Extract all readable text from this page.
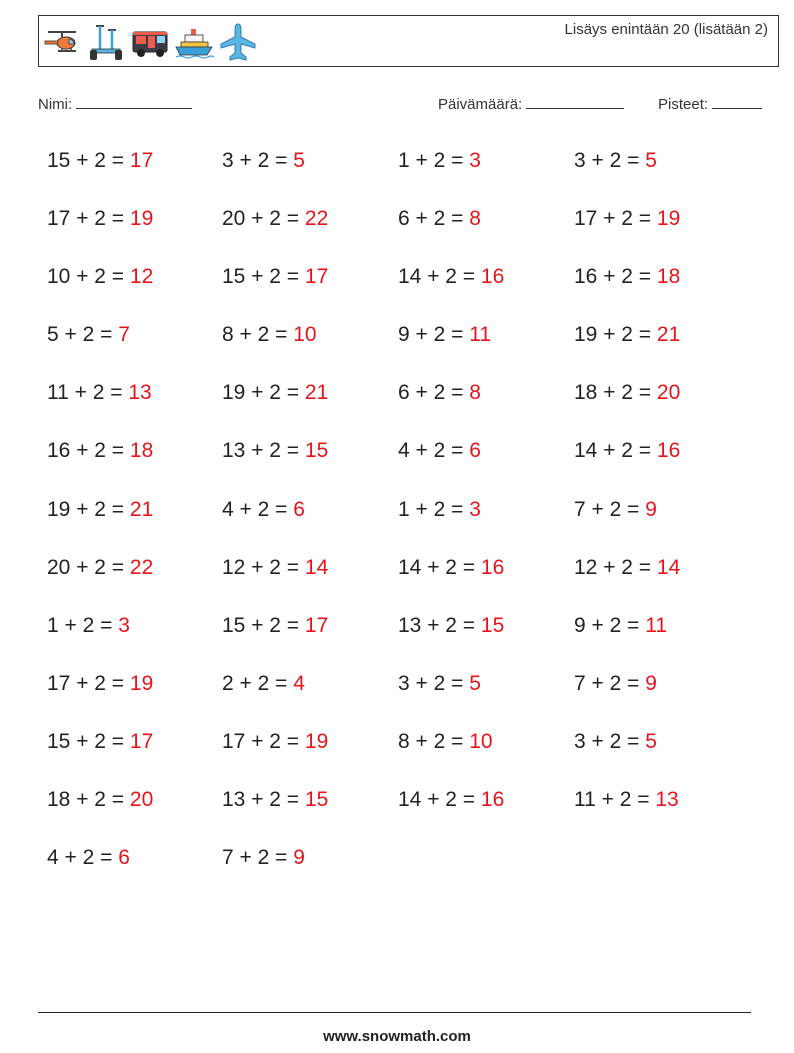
Lisäys enintään 20 (lisätään 2)
Nimi:	Päivämäärä:	Pisteet:
15 + 2 = 17	3 + 2 = 5	1 + 2 = 3	3 + 2 = 5
17 + 2 = 19	20 + 2 = 22	6 + 2 = 8	17 + 2 = 19
10 + 2 = 12	15 + 2 = 17	14 + 2 = 16	16 + 2 = 18
5 + 2 = 7	8 + 2 = 10	9 + 2 = 11	19 + 2 = 21
11 + 2 = 13	19 + 2 = 21	6 + 2 = 8	18 + 2 = 20
16 + 2 = 18	13 + 2 = 15	4 + 2 = 6	14 + 2 = 16
19 + 2 = 21	4 + 2 = 6	1 + 2 = 3	7 + 2 = 9
20 + 2 = 22	12 + 2 = 14	14 + 2 = 16	12 + 2 = 14
1 + 2 = 3	15 + 2 = 17	13 + 2 = 15	9 + 2 = 11
17 + 2 = 19	2 + 2 = 4	3 + 2 = 5	7 + 2 = 9
15 + 2 = 17	17 + 2 = 19	8 + 2 = 10	3 + 2 = 5
18 + 2 = 20	13 + 2 = 15	14 + 2 = 16	11 + 2 = 13
4 + 2 = 6	7 + 2 = 9
www.snowmath.com
